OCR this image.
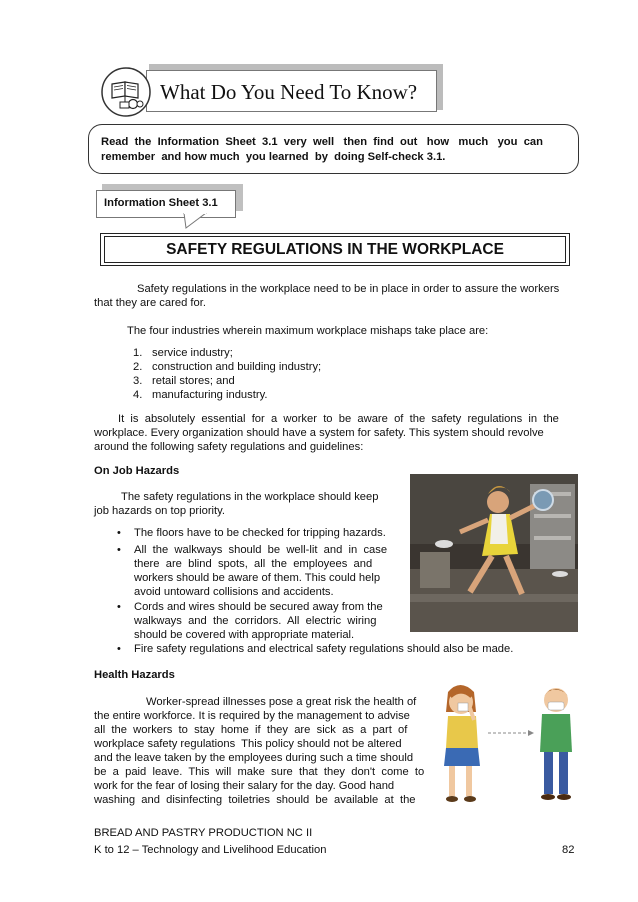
What Do You Need To Know?
Read  the  Information  Sheet  3.1  very  well   then  find  out   how   much   you  can
remember  and how much  you learned  by  doing Self-check 3.1.
Information Sheet 3.1
SAFETY REGULATIONS IN THE WORKPLACE
Safety regulations in the workplace need to be in place in order to assure the workers
that they are cared for.
The four industries wherein maximum workplace mishaps take place are:
1. service industry;
2. construction and building industry;
3. retail stores; and
4. manufacturing industry.
It  is  absolutely  essential  for  a  worker  to  be  aware  of  the  safety  regulations  in  the
workplace. Every organization should have a system for safety. This system should revolve
around the following safety regulations and guidelines:
On Job Hazards
The safety regulations in the workplace should keep
job hazards on top priority.
• The floors have to be checked for tripping hazards.
• All  the  walkways  should  be  well-lit  and  in  case
there  are  blind  spots,  all  the  employees  and
workers should be aware of them. This could help
avoid untoward collisions and accidents.
• Cords and wires should be secured away from the
walkways  and  the  corridors.  All  electric  wiring
should be covered with appropriate material.
• Fire safety regulations and electrical safety regulations should also be made.
Health Hazards
Worker-spread illnesses pose a great risk the health of
the entire workforce. It is required by the management to advise
all  the  workers  to  stay  home  if  they  are  sick  as  a  part  of
workplace safety regulations  This policy should not be altered
and the leave taken by the employees during such a time should
be  a  paid  leave.  This  will  make  sure  that  they  don't  come  to
work for the fear of losing their salary for the day. Good hand
washing  and  disinfecting  toiletries  should  be  available  at  the
BREAD AND PASTRY PRODUCTION NC II
K to 12 – Technology and Livelihood Education	82
